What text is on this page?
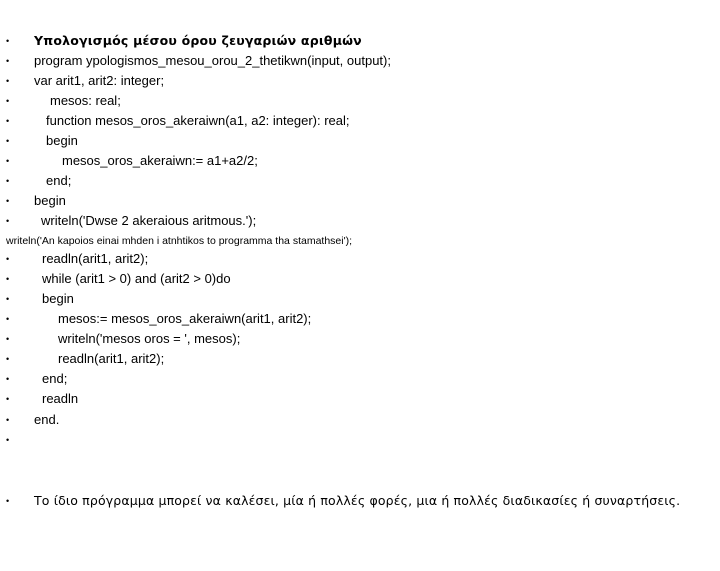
•

Υπολογισμός μέσου όρου ζευγαριών αριθμών

•

program ypologismos_mesou_orou_2_thetikwn(input, output);

•

var arit1, arit2: integer;

•

	mesos: real;

•

	function mesos_oros_akeraiwn(a1, a2: integer): real;

•

	begin

•

	mesos_oros_akeraiwn:= a1+a2/2;

•

	end;

•

begin

•

writeln('Dwse 2 akeraious aritmous.');

writeln('An kapoios einai mhden i atnhtikos to programma tha stamathsei');

•

	readln(arit1, arit2);

•

	while (arit1 > 0) and (arit2 > 0)do

•

	begin

•

	mesos:= mesos_oros_akeraiwn(arit1, arit2);

•

	writeln('mesos oros = ', mesos);

•

	readln(arit1, arit2);

•

	end;

•

	readln

•

end.

•

•

Το ίδιο πρόγραμμα μπορεί να καλέσει, μία ή πολλές φορές, μια ή πολλές διαδικασίες ή συναρτήσεις.
